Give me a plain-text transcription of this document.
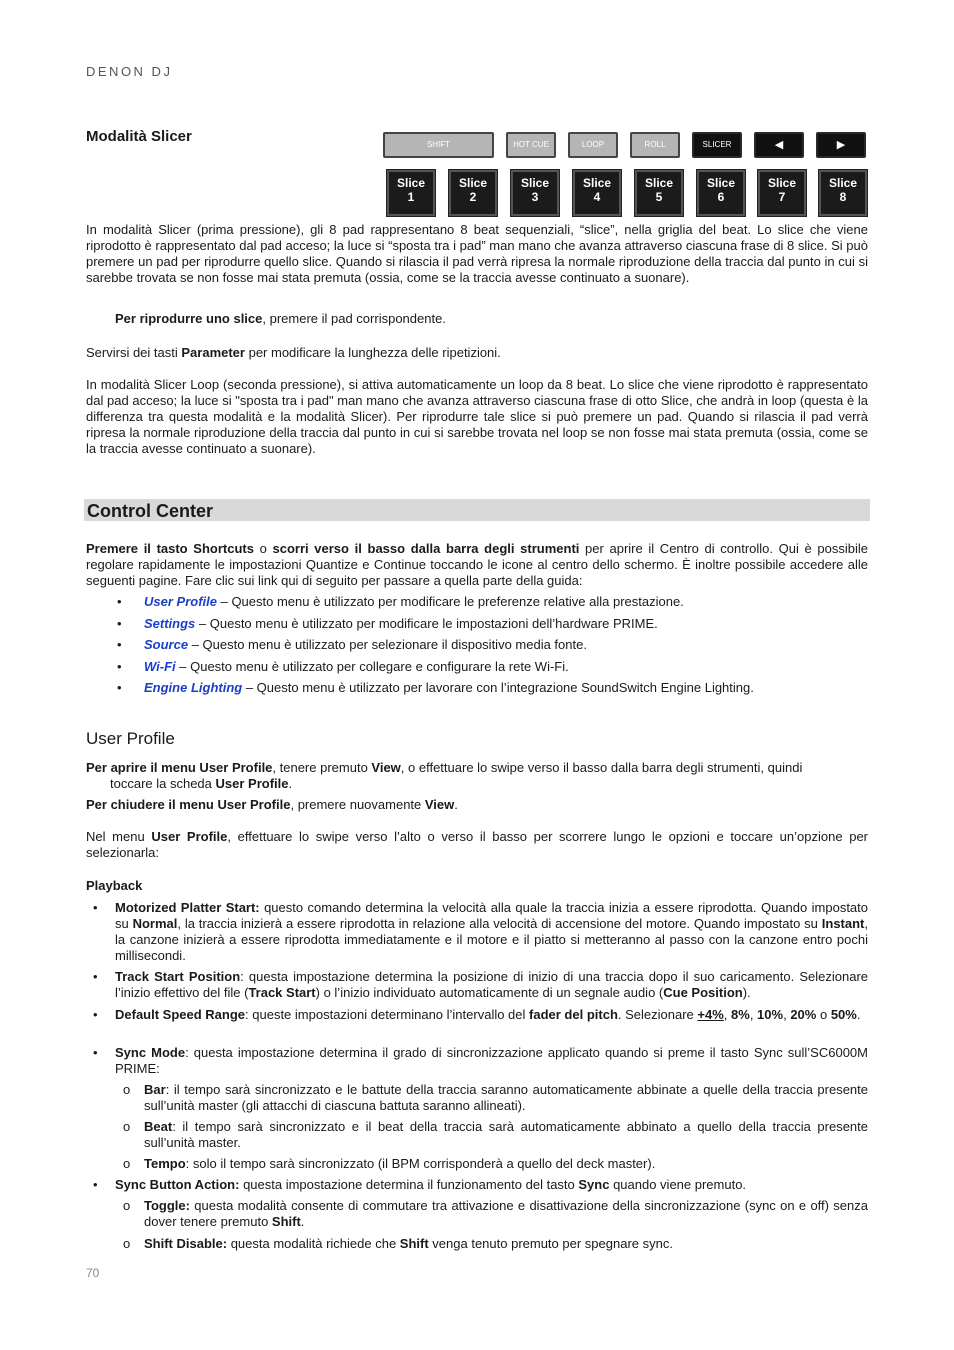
DENON DJ
Modalità Slicer	SHIFT	HOT CUE	LOOP	ROLL	SLICER	◀	▶
Slice
1
Slice
2
Slice
3
Slice
4
Slice
5
Slice
6
Slice
7
Slice
8

In modalità Slicer (prima pressione), gli 8 pad rappresentano 8 beat sequenziali, “slice”, nella griglia del beat. Lo slice che viene riprodotto è rappresentato dal pad acceso; la luce si “sposta tra i pad” man mano che avanza attraverso ciascuna frase di 8 slice. Si può premere un pad per riprodurre quello slice. Quando si rilascia il pad verrà ripresa la normale riproduzione della traccia dal punto in cui si sarebbe trovata se non fosse mai stata premuta (ossia, come se la traccia avesse continuato a suonare).

Per riprodurre uno slice, premere il pad corrispondente.

Servirsi dei tasti Parameter per modificare la lunghezza delle ripetizioni.

In modalità Slicer Loop (seconda pressione), si attiva automaticamente un loop da 8 beat. Lo slice che viene riprodotto è rappresentato dal pad acceso; la luce si "sposta tra i pad" man mano che avanza attraverso ciascuna frase di otto Slice, che andrà in loop (questa è la differenza tra questa modalità e la modalità Slicer). Per riprodurre tale slice si può premere un pad. Quando si rilascia il pad verrà ripresa la normale riproduzione della traccia dal punto in cui si sarebbe trovata nel loop se non fosse mai stata premuta (ossia, come se la traccia avesse continuato a suonare).

Control Center

Premere il tasto Shortcuts o scorri verso il basso dalla barra degli strumenti per aprire il Centro di controllo. Qui è possibile regolare rapidamente le impostazioni Quantize e Continue toccando le icone al centro dello schermo. È inoltre possibile accedere alle seguenti pagine. Fare clic sui link qui di seguito per passare a quella parte della guida:

• User Profile – Questo menu è utilizzato per modificare le preferenze relative alla prestazione.
• Settings – Questo menu è utilizzato per modificare le impostazioni dell’hardware PRIME.
• Source – Questo menu è utilizzato per selezionare il dispositivo media fonte.
• Wi-Fi – Questo menu è utilizzato per collegare e configurare la rete Wi-Fi.
• Engine Lighting – Questo menu è utilizzato per lavorare con l’integrazione SoundSwitch Engine Lighting.
User Profile

Per aprire il menu User Profile, tenere premuto View, o effettuare lo swipe verso il basso dalla barra degli strumenti, quindi

toccare la scheda User Profile.

Per chiudere il menu User Profile, premere nuovamente View.

Nel menu User Profile, effettuare lo swipe verso l’alto o verso il basso per scorrere lungo le opzioni e toccare un’opzione per selezionarla:

Playback
• Motorized Platter Start: questo comando determina la velocità alla quale la traccia inizia a essere riprodotta. Quando impostato su Normal, la traccia inizierà a essere riprodotta in relazione alla velocità di accensione del motore. Quando impostato su Instant, la canzone inizierà a essere riprodotta immediatamente e il motore e il piatto si metteranno al passo con la canzone entro pochi millisecondi.

• Track Start Position: questa impostazione determina la posizione di inizio di una traccia dopo il suo caricamento. Selezionare l’inizio effettivo del file (Track Start) o l’inizio individuato automaticamente di un segnale audio (Cue Position).

• Default Speed Range: queste impostazioni determinano l’intervallo del fader del pitch. Selezionare +4%, 8%, 10%, 20% o 50%.

• Sync Mode: questa impostazione determina il grado di sincronizzazione applicato quando si preme il tasto Sync sull’SC6000M PRIME:

o Bar: il tempo sarà sincronizzato e le battute della traccia saranno automaticamente abbinate a quelle della traccia presente sull’unità master (gli attacchi di ciascuna battuta saranno allineati).

o Beat: il tempo sarà sincronizzato e il beat della traccia sarà automaticamente abbinato a quello della traccia presente sull’unità master.

o Tempo: solo il tempo sarà sincronizzato (il BPM corrisponderà a quello del deck master).

• Sync Button Action: questa impostazione determina il funzionamento del tasto Sync quando viene premuto.

o Toggle: questa modalità consente di commutare tra attivazione e disattivazione della sincronizzazione (sync on e off) senza dover tenere premuto Shift.

o Shift Disable: questa modalità richiede che Shift venga tenuto premuto per spegnare sync.

70
